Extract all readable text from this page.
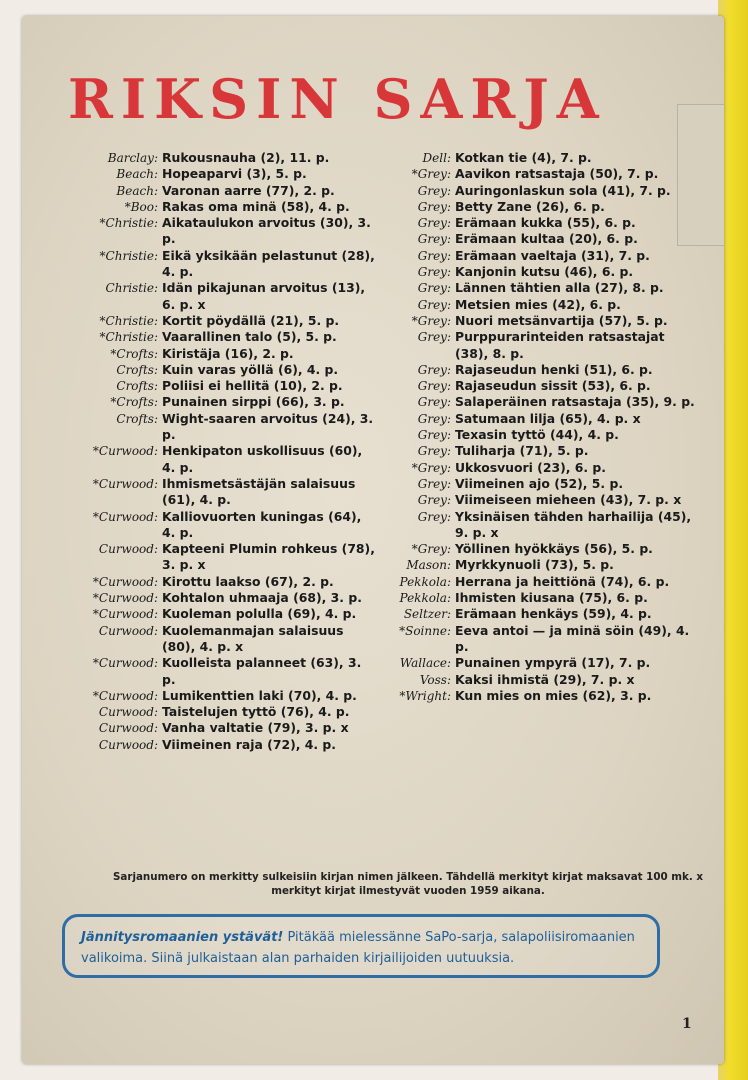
RIKSIN SARJA
Barclay: Rukousnauha (2), 11. p.
Beach: Hopeaparvi (3), 5. p.
Beach: Varonan aarre (77), 2. p.
*Boo: Rakas oma minä (58), 4. p.
*Christie: Aikataulukon arvoitus (30), 3. p.
*Christie: Eikä yksikään pelastunut (28), 4. p.
Christie: Idän pikajunan arvoitus (13), 6. p. x
*Christie: Kortit pöydällä (21), 5. p.
*Christie: Vaarallinen talo (5), 5. p.
*Crofts: Kiristäja (16), 2. p.
Crofts: Kuin varas yöllä (6), 4. p.
Crofts: Poliisi ei hellitä (10), 2. p.
*Crofts: Punainen sirppi (66), 3. p.
Crofts: Wight-saaren arvoitus (24), 3. p.
*Curwood: Henkipaton uskollisuus (60), 4. p.
*Curwood: Ihmismetsästäjän salaisuus (61), 4. p.
*Curwood: Kalliovuorten kuningas (64), 4. p.
Curwood: Kapteeni Plumin rohkeus (78), 3. p. x
*Curwood: Kirottu laakso (67), 2. p.
*Curwood: Kohtalon uhmaaja (68), 3. p.
*Curwood: Kuoleman polulla (69), 4. p.
Curwood: Kuolemanmajan salaisuus (80), 4. p. x
*Curwood: Kuolleista palanneet (63), 3. p.
*Curwood: Lumikenttien laki (70), 4. p.
Curwood: Taistelujen tyttö (76), 4. p.
Curwood: Vanha valtatie (79), 3. p. x
Curwood: Viimeinen raja (72), 4. p.
Dell: Kotkan tie (4), 7. p.
*Grey: Aavikon ratsastaja (50), 7. p.
Grey: Auringonlaskun sola (41), 7. p.
Grey: Betty Zane (26), 6. p.
Grey: Erämaan kukka (55), 6. p.
Grey: Erämaan kultaa (20), 6. p.
Grey: Erämaan vaeltaja (31), 7. p.
Grey: Kanjonin kutsu (46), 6. p.
Grey: Lännen tähtien alla (27), 8. p.
Grey: Metsien mies (42), 6. p.
*Grey: Nuori metsänvartija (57), 5. p.
Grey: Purppurarinteiden ratsastajat (38), 8. p.
Grey: Rajaseudun henki (51), 6. p.
Grey: Rajaseudun sissit (53), 6. p.
Grey: Salaperäinen ratsastaja (35), 9. p.
Grey: Satumaan lilja (65), 4. p. x
Grey: Texasin tyttö (44), 4. p.
Grey: Tuliharja (71), 5. p.
*Grey: Ukkosvuori (23), 6. p.
Grey: Viimeinen ajo (52), 5. p.
Grey: Viimeiseen mieheen (43), 7. p. x
Grey: Yksinäisen tähden harhailija (45), 9. p. x
*Grey: Yöllinen hyökkäys (56), 5. p.
Mason: Myrkkynuoli (73), 5. p.
Pekkola: Herrana ja heittiönä (74), 6. p.
Pekkola: Ihmisten kiusana (75), 6. p.
Seltzer: Erämaan henkäys (59), 4. p.
*Soinne: Eeva antoi — ja minä söin (49), 4. p.
Wallace: Punainen ympyrä (17), 7. p.
Voss: Kaksi ihmistä (29), 7. p. x
*Wright: Kun mies on mies (62), 3. p.

Sarjanumero on merkitty sulkeisiin kirjan nimen jälkeen. Tähdellä merkityt kirjat maksavat 100 mk. x merkityt kirjat ilmestyvät vuoden 1959 aikana.

Jännitysromaanien ystävät! Pitäkää mielessänne SaPo-sarja, salapoliisiromaanien valikoima. Siinä julkaistaan alan parhaiden kirjailijoiden uutuuksia.

1
